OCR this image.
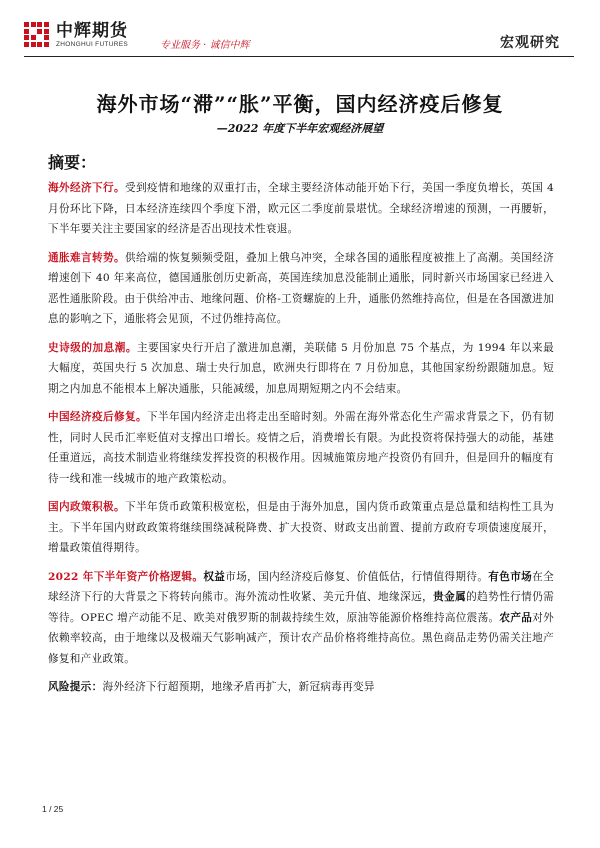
中辉期货
ZHONGHUI FUTURES	专业服务 · 诚信中辉	宏观研究
海外市场“滞”“胀”平衡，国内经济疫后修复
—2022 年度下半年宏观经济展望
摘要：

海外经济下行。受到疫情和地缘的双重打击，全球主要经济体动能开始下行，美国一季度负增长，英国 4 月份环比下降，日本经济连续四个季度下滑，欧元区二季度前景堪忧。全球经济增速的预测，一再腰斩，下半年要关注主要国家的经济是否出现技术性衰退。

通胀难言转势。供给端的恢复频频受阻，叠加上俄乌冲突，全球各国的通胀程度被推上了高潮。美国经济增速创下 40 年来高位，德国通胀创历史新高，英国连续加息没能制止通胀，同时新兴市场国家已经进入恶性通胀阶段。由于供给冲击、地缘问题、价格-工资螺旋的上升，通胀仍然维持高位，但是在各国激进加息的影响之下，通胀将会见顶，不过仍维持高位。

史诗级的加息潮。主要国家央行开启了激进加息潮，美联储 5 月份加息 75 个基点，为 1994 年以来最大幅度，英国央行 5 次加息、瑞士央行加息，欧洲央行即将在 7 月份加息，其他国家纷纷跟随加息。短期之内加息不能根本上解决通胀，只能减缓，加息周期短期之内不会结束。

中国经济疫后修复。下半年国内经济走出将走出至暗时刻。外需在海外常态化生产需求背景之下，仍有韧性，同时人民币汇率贬值对支撑出口增长。疫情之后，消费增长有限。为此投资将保持强大的动能，基建任重道远，高技术制造业将继续发挥投资的积极作用。因城施策房地产投资仍有回升，但是回升的幅度有待一线和准一线城市的地产政策松动。

国内政策积极。下半年货币政策积极宽松，但是由于海外加息，国内货币政策重点是总量和结构性工具为主。下半年国内财政政策将继续围绕减税降费、扩大投资、财政支出前置、提前方政府专项债速度展开，增量政策值得期待。

2022 年下半年资产价格逻辑。权益市场，国内经济疫后修复、价值低估，行情值得期待。有色市场在全球经济下行的大背景之下将转向熊市。海外流动性收紧、美元升值、地缘深远，贵金属的趋势性行情仍需等待。OPEC 增产动能不足、欧美对俄罗斯的制裁持续生效，原油等能源价格维持高位震荡。农产品对外依赖率较高，由于地缘以及极端天气影响减产，预计农产品价格将维持高位。黑色商品走势仍需关注地产修复和产业政策。

风险提示：海外经济下行超预期，地缘矛盾再扩大，新冠病毒再变异

1 / 25
